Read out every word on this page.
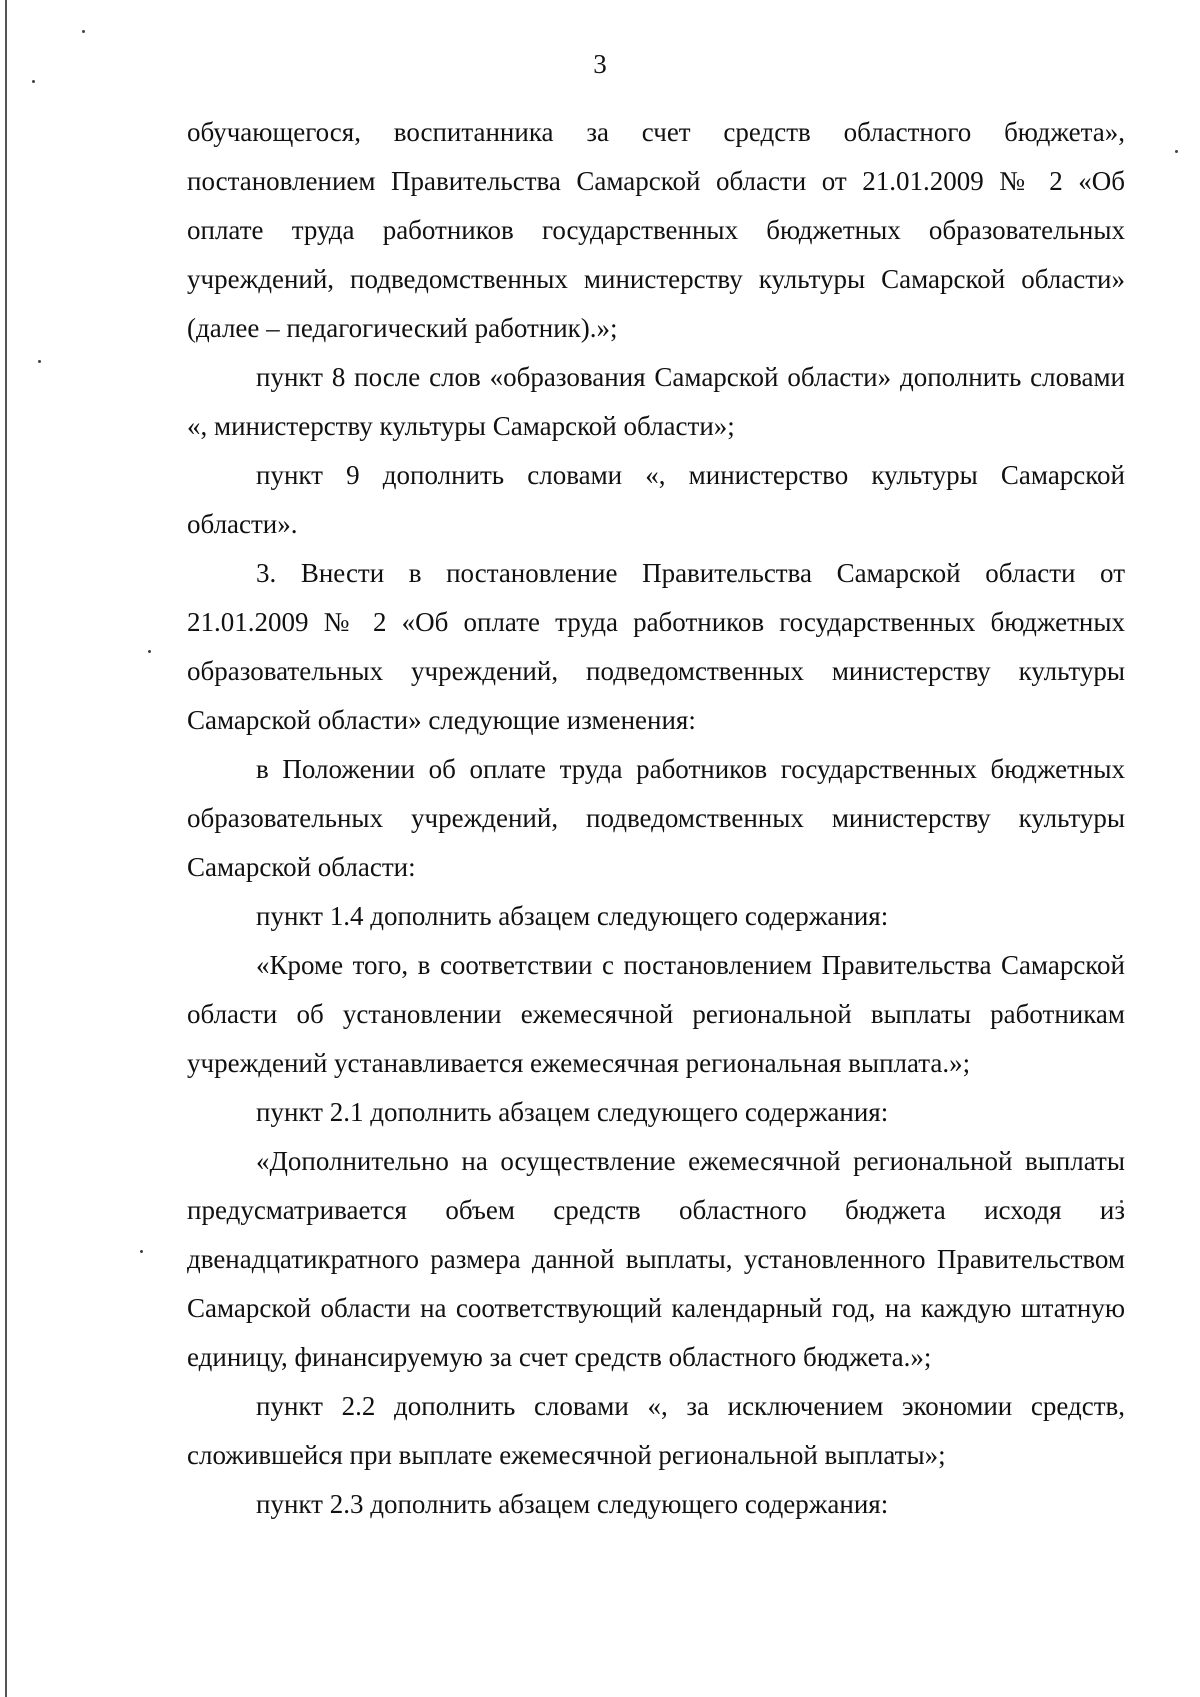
3

обучающегося, воспитанника за счет средств областного бюджета», постановлением Правительства Самарской области от 21.01.2009 № 2 «Об оплате труда работников государственных бюджетных образовательных учреждений, подведомственных министерству культуры Самарской области» (далее – педагогический работник).»;

пункт 8 после слов «образования Самарской области» дополнить словами «, министерству культуры Самарской области»;

пункт 9 дополнить словами «, министерство культуры Самарской области».

3. Внести в постановление Правительства Самарской области от 21.01.2009 № 2 «Об оплате труда работников государственных бюджетных образовательных учреждений, подведомственных министерству культуры Самарской области» следующие изменения:

в Положении об оплате труда работников государственных бюджетных образовательных учреждений, подведомственных министерству культуры Самарской области:

пункт 1.4 дополнить абзацем следующего содержания:

«Кроме того, в соответствии с постановлением Правительства Самарской области об установлении ежемесячной региональной выплаты работникам учреждений устанавливается ежемесячная региональная выплата.»;

пункт 2.1 дополнить абзацем следующего содержания:

«Дополнительно на осуществление ежемесячной региональной выплаты предусматривается объем средств областного бюджета исходя из двенадцатикратного размера данной выплаты, установленного Правительством Самарской области на соответствующий календарный год, на каждую штатную единицу, финансируемую за счет средств областного бюджета.»;

пункт 2.2 дополнить словами «, за исключением экономии средств, сложившейся при выплате ежемесячной региональной выплаты»;

пункт 2.3 дополнить абзацем следующего содержания:
